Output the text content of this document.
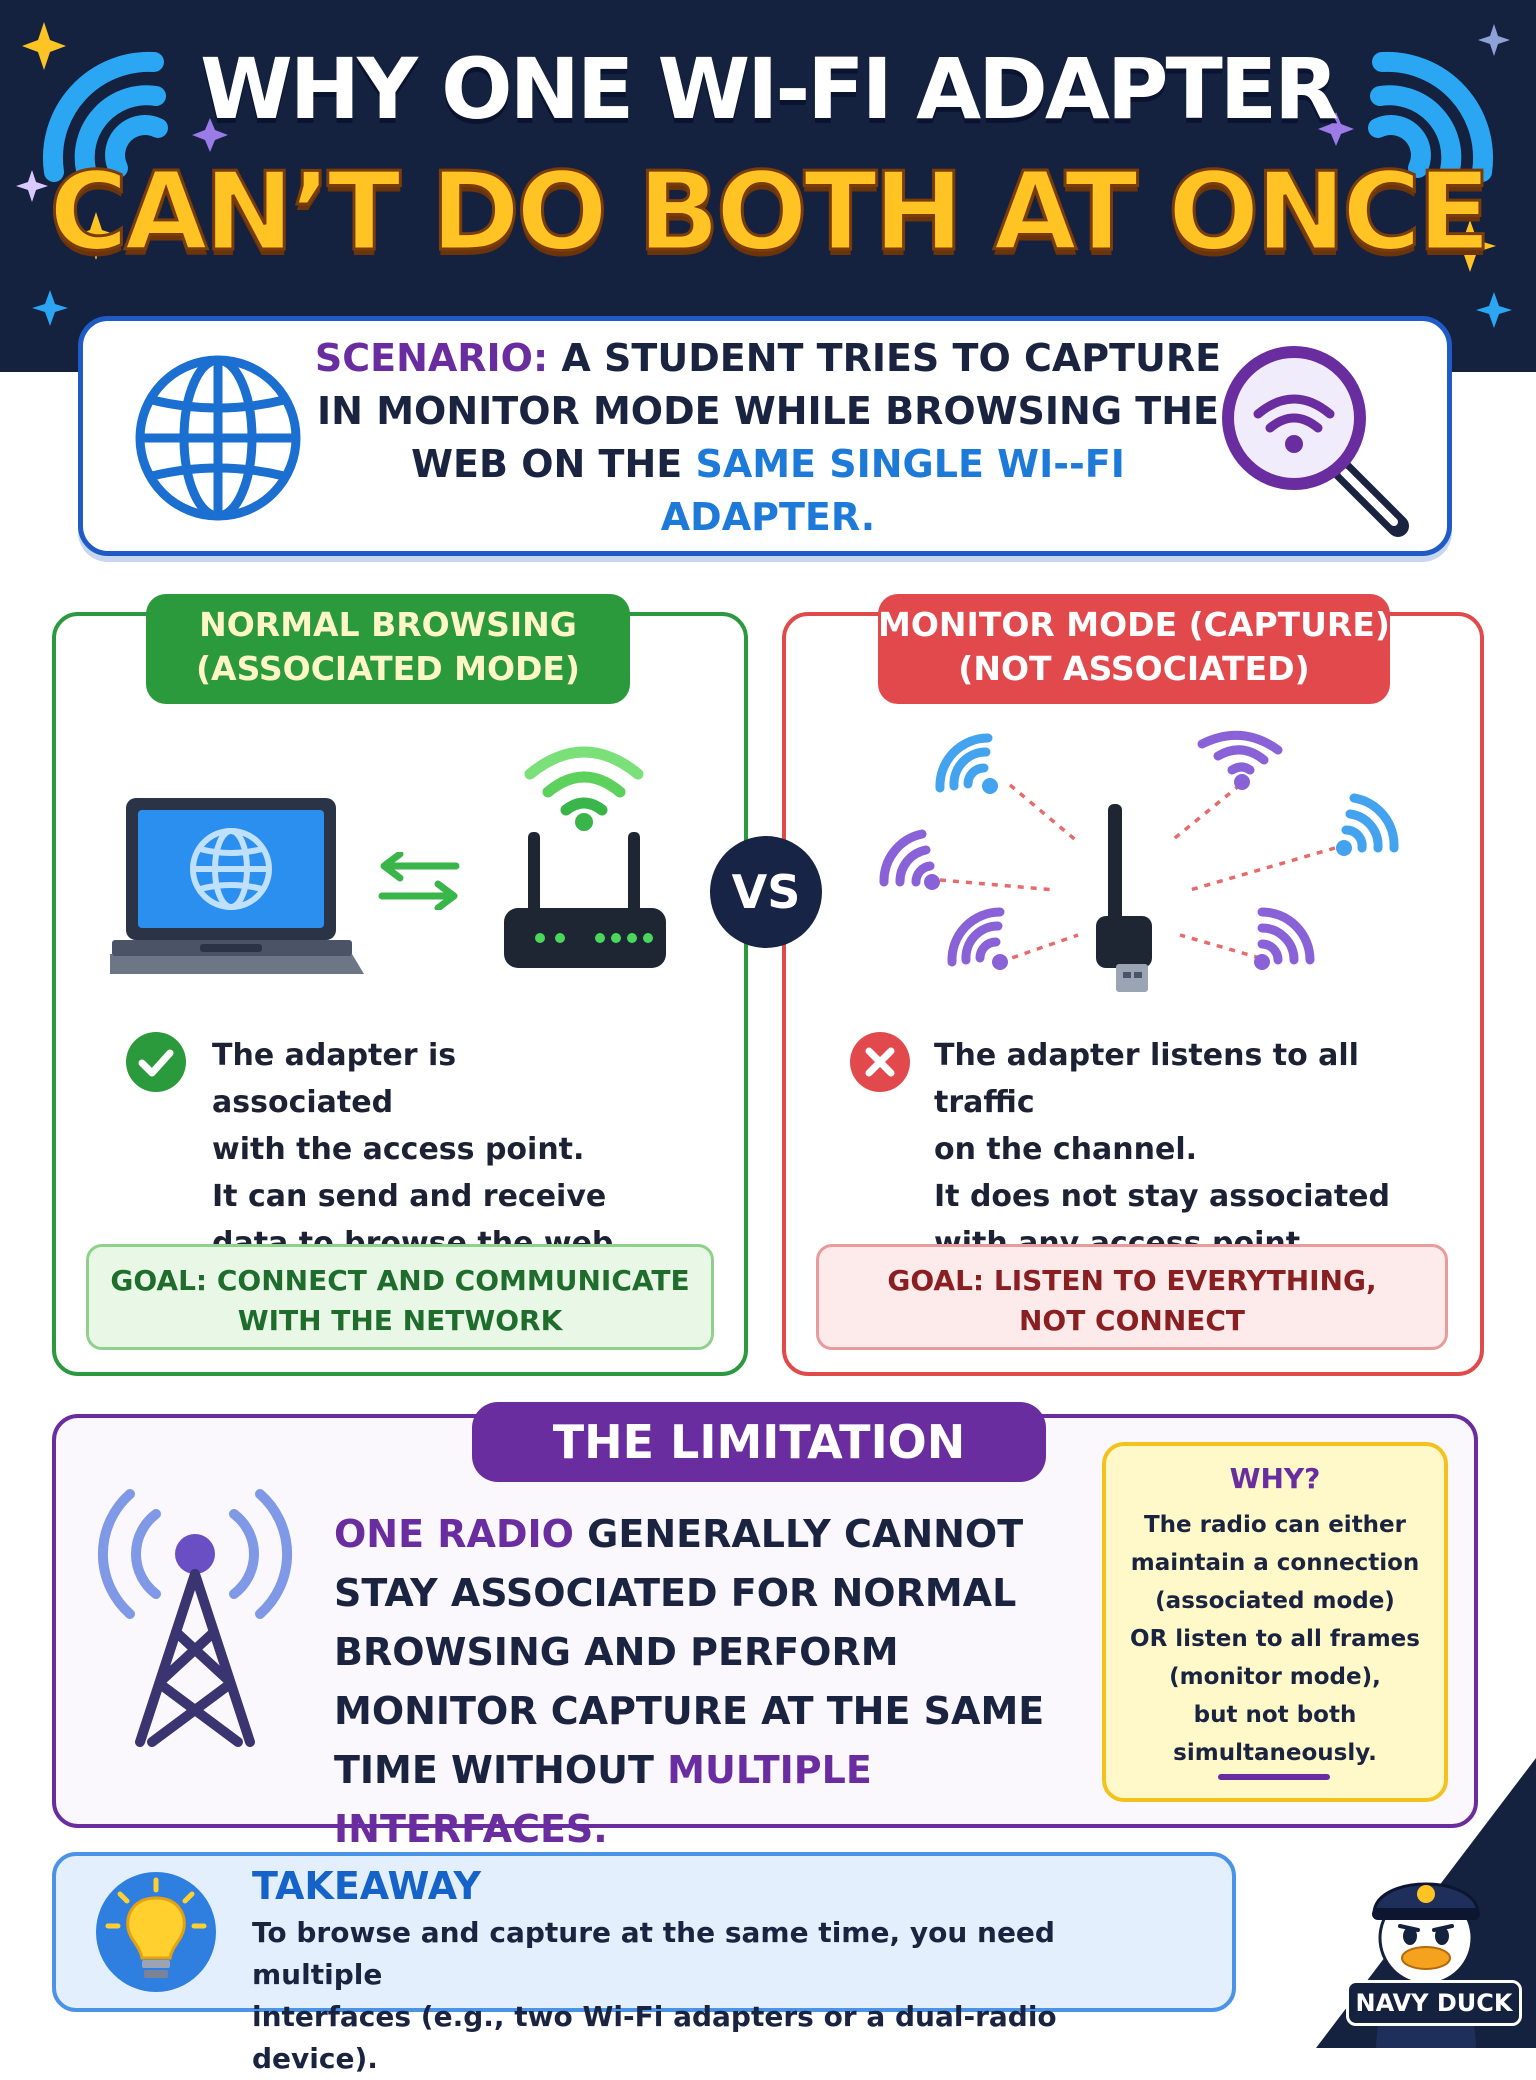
WHY ONE WI-FI ADAPTER
CAN’T DO BOTH AT ONCE
SCENARIO: A STUDENT TRIES TO CAPTURE IN MONITOR MODE WHILE BROWSING THE WEB ON THE SAME SINGLE WI--FI ADAPTER.
NORMAL BROWSING
(ASSOCIATED MODE)
MONITOR MODE (CAPTURE)
(NOT ASSOCIATED)
VS
The adapter is associated
with the access point.
It can send and receive
The adapter listens to all traffic
on the channel.
It does not stay associated
GOAL: CONNECT AND COMMUNICATE
WITH THE NETWORK
GOAL: LISTEN TO EVERYTHING,
NOT CONNECT
THE LIMITATION
ONE RADIO GENERALLY CANNOT STAY ASSOCIATED FOR NORMAL BROWSING AND PERFORM MONITOR CAPTURE AT THE SAME TIME WITHOUT MULTIPLE INTERFACES.
WHY?
The radio can either
maintain a connection
(associated mode)
OR listen to all frames
(monitor mode),
but not both
simultaneously.
TAKEAWAY
To browse and capture at the same time, you need multiple
interfaces (e.g., two Wi-Fi adapters or a dual-radio device).
NAVY DUCK
